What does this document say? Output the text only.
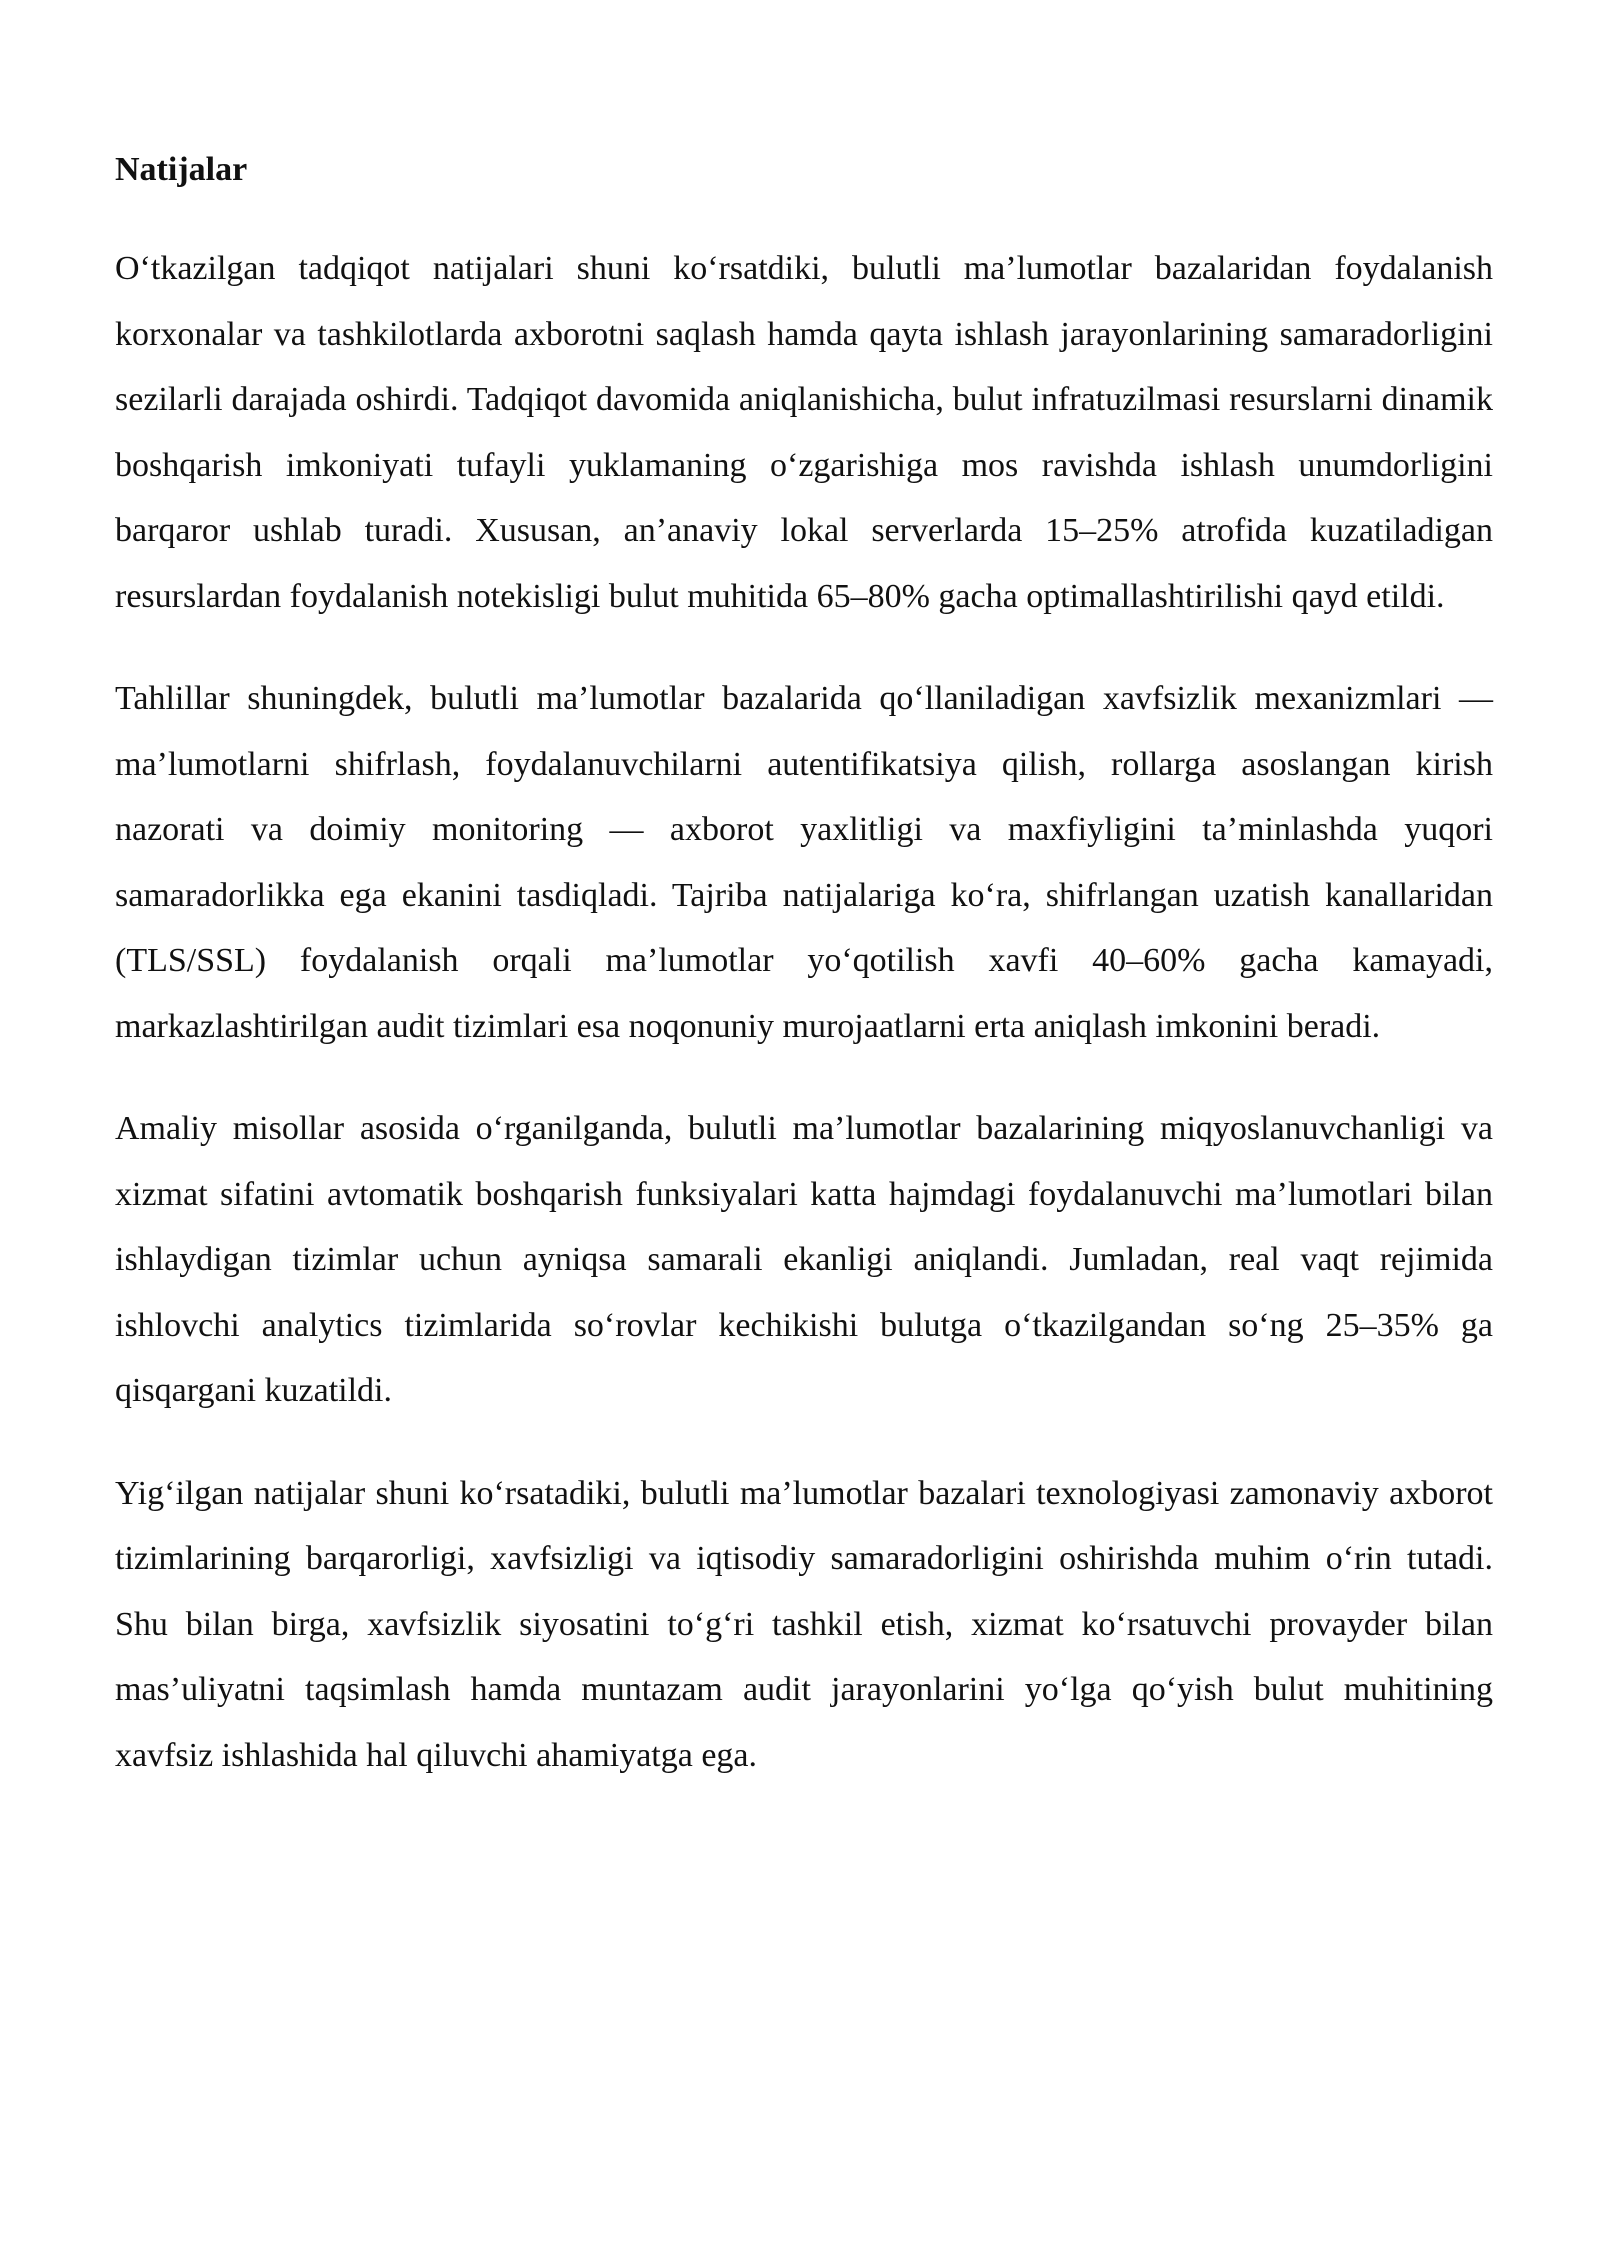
Natijalar

O‘tkazilgan tadqiqot natijalari shuni ko‘rsatdiki, bulutli ma’lumotlar bazalaridan foydalanish korxonalar va tashkilotlarda axborotni saqlash hamda qayta ishlash jarayonlarining samaradorligini sezilarli darajada oshirdi. Tadqiqot davomida aniqlanishicha, bulut infratuzilmasi resurslarni dinamik boshqarish imkoniyati tufayli yuklamaning o‘zgarishiga mos ravishda ishlash unumdorligini barqaror ushlab turadi. Xususan, an’anaviy lokal serverlarda 15–25% atrofida kuzatiladigan resurslardan foydalanish notekisligi bulut muhitida 65–80% gacha optimallashtirilishi qayd etildi.

Tahlillar shuningdek, bulutli ma’lumotlar bazalarida qo‘llaniladigan xavfsizlik mexanizmlari — ma’lumotlarni shifrlash, foydalanuvchilarni autentifikatsiya qilish, rollarga asoslangan kirish nazorati va doimiy monitoring — axborot yaxlitligi va maxfiyligini ta’minlashda yuqori samaradorlikka ega ekanini tasdiqladi. Tajriba natijalariga ko‘ra, shifrlangan uzatish kanallaridan (TLS/SSL) foydalanish orqali ma’lumotlar yo‘qotilish xavfi 40–60% gacha kamayadi, markazlashtirilgan audit tizimlari esa noqonuniy murojaatlarni erta aniqlash imkonini beradi.

Amaliy misollar asosida o‘rganilganda, bulutli ma’lumotlar bazalarining miqyoslanuvchanligi va xizmat sifatini avtomatik boshqarish funksiyalari katta hajmdagi foydalanuvchi ma’lumotlari bilan ishlaydigan tizimlar uchun ayniqsa samarali ekanligi aniqlandi. Jumladan, real vaqt rejimida ishlovchi analytics tizimlarida so‘rovlar kechikishi bulutga o‘tkazilgandan so‘ng 25–35% ga qisqargani kuzatildi.

Yig‘ilgan natijalar shuni ko‘rsatadiki, bulutli ma’lumotlar bazalari texnologiyasi zamonaviy axborot tizimlarining barqarorligi, xavfsizligi va iqtisodiy samaradorligini oshirishda muhim o‘rin tutadi. Shu bilan birga, xavfsizlik siyosatini to‘g‘ri tashkil etish, xizmat ko‘rsatuvchi provayder bilan mas’uliyatni taqsimlash hamda muntazam audit jarayonlarini yo‘lga qo‘yish bulut muhitining xavfsiz ishlashida hal qiluvchi ahamiyatga ega.
